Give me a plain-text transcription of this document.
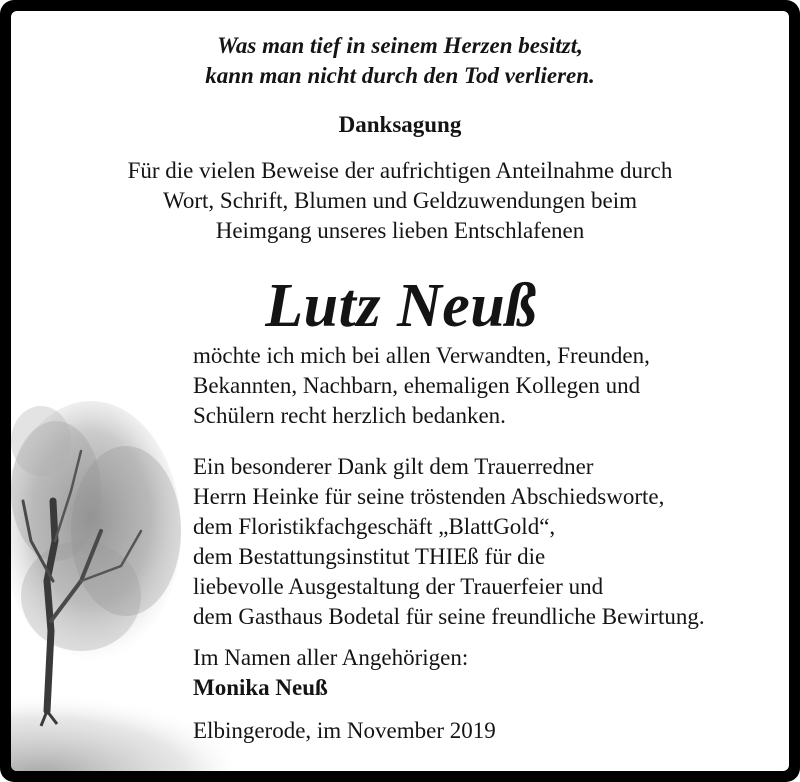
Was man tief in seinem Herzen besitzt,
kann man nicht durch den Tod verlieren.
Danksagung
Für die vielen Beweise der aufrichtigen Anteilnahme durch
Wort, Schrift, Blumen und Geldzuwendungen beim
Heimgang unseres lieben Entschlafenen
Lutz Neuß
möchte ich mich bei allen Verwandten, Freunden,
Bekannten, Nachbarn, ehemaligen Kollegen und
Schülern recht herzlich bedanken.
Ein besonderer Dank gilt dem Trauerredner
Herrn Heinke für seine tröstenden Abschiedsworte,
dem Floristikfachgeschäft „BlattGold“,
dem Bestattungsinstitut THIEß für die
liebevolle Ausgestaltung der Trauerfeier und
dem Gasthaus Bodetal für seine freundliche Bewirtung.
Im Namen aller Angehörigen:
Monika Neuß
Elbingerode, im November 2019
